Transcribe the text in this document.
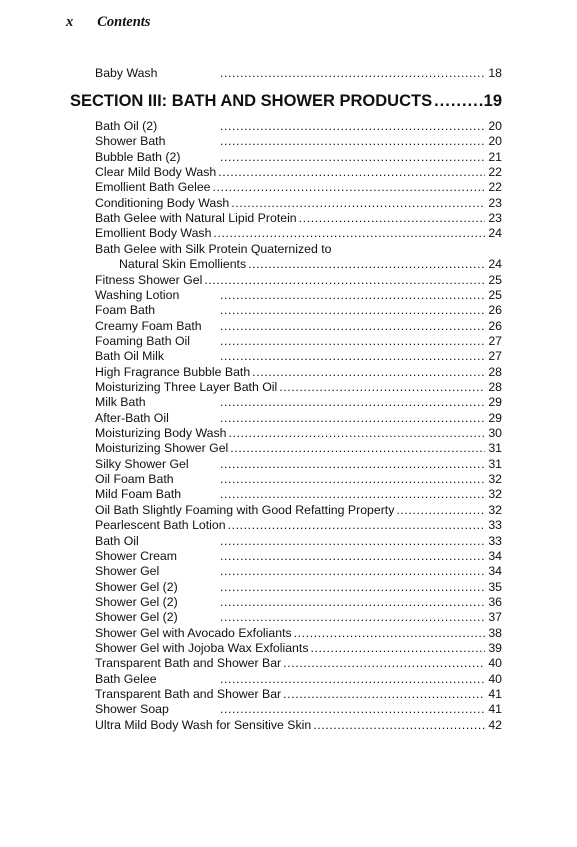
x Contents
Baby Wash .....	18
SECTION III: BATH AND SHOWER PRODUCTS .....	19
Bath Oil (2) .....	20
Shower Bath .....	20
Bubble Bath (2) .....	21
Clear Mild Body Wash .....	22
Emollient Bath Gelee .....	22
Conditioning Body Wash .....	23
Bath Gelee with Natural Lipid Protein .....	23
Emollient Body Wash .....	24
Bath Gelee with Silk Protein Quaternized to
Natural Skin Emollients .....	24
Fitness Shower Gel .....	25
Washing Lotion .....	25
Foam Bath .....	26
Creamy Foam Bath .....	26
Foaming Bath Oil .....	27
Bath Oil Milk .....	27
High Fragrance Bubble Bath .....	28
Moisturizing Three Layer Bath Oil .....	28
Milk Bath .....	29
After-Bath Oil .....	29
Moisturizing Body Wash .....	30
Moisturizing Shower Gel .....	31
Silky Shower Gel .....	31
Oil Foam Bath .....	32
Mild Foam Bath .....	32
Oil Bath Slightly Foaming with Good Refatting Property .....	32
Pearlescent Bath Lotion .....	33
Bath Oil .....	33
Shower Cream .....	34
Shower Gel .....	34
Shower Gel (2) .....	35
Shower Gel (2) .....	36
Shower Gel (2) .....	37
Shower Gel with Avocado Exfoliants .....	38
Shower Gel with Jojoba Wax Exfoliants .....	39
Transparent Bath and Shower Bar .....	40
Bath Gelee .....	40
Transparent Bath and Shower Bar .....	41
Shower Soap .....	41
Ultra Mild Body Wash for Sensitive Skin .....	42
